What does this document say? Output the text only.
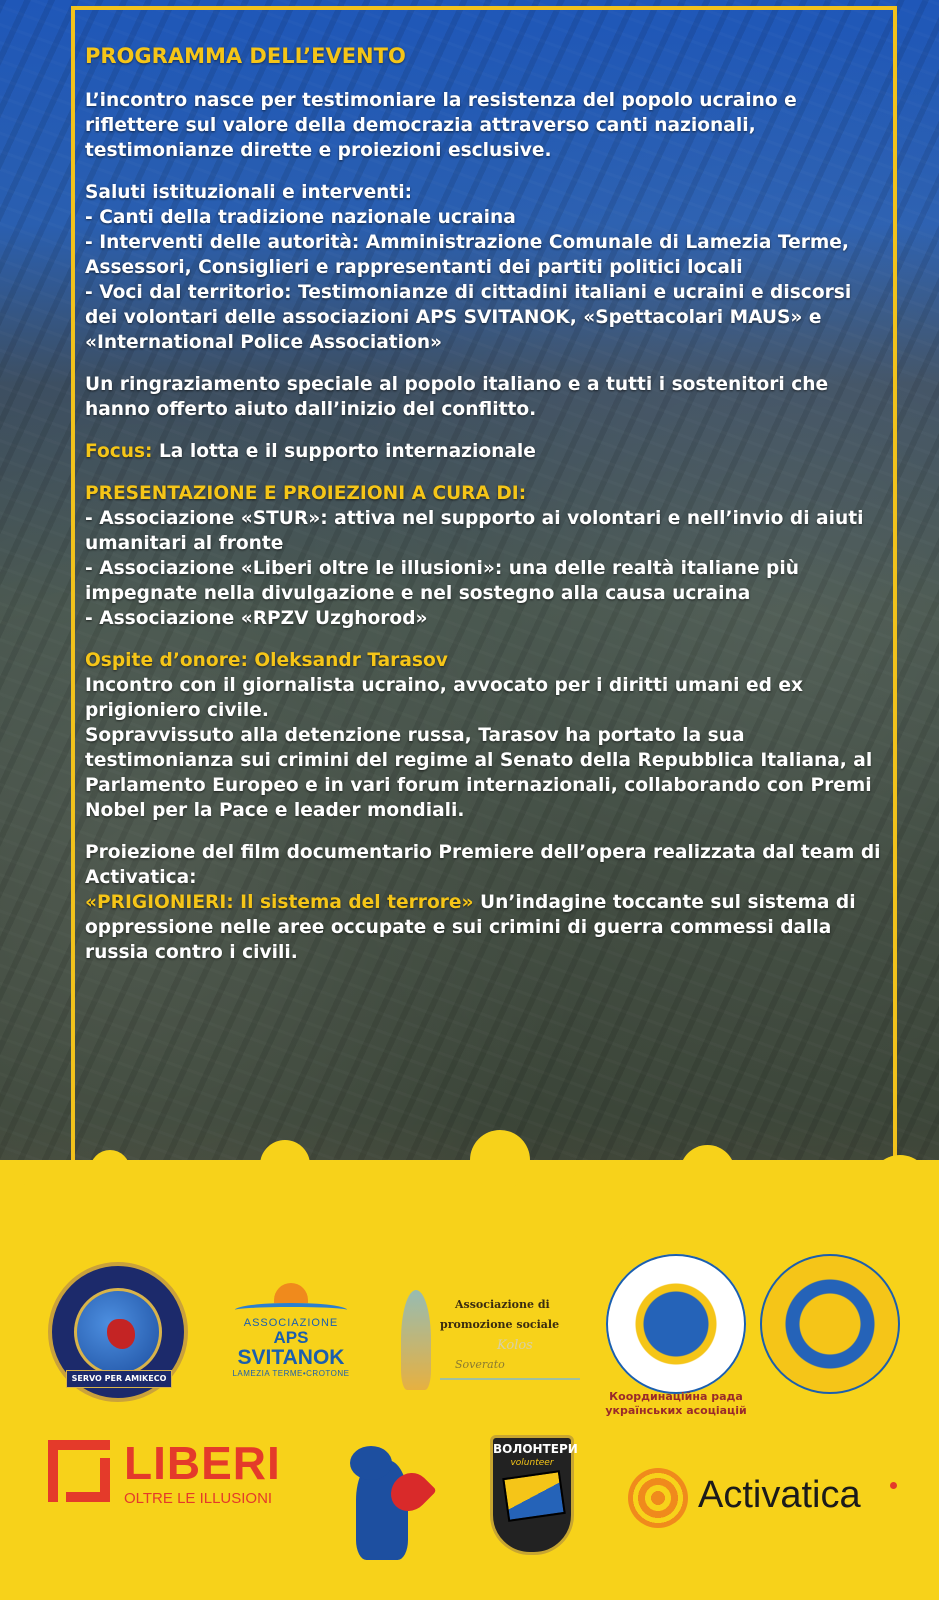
PROGRAMMA DELL’EVENTO

L’incontro nasce per testimoniare la resistenza del popolo ucraino e riflettere sul valore della democrazia attraverso canti nazionali, testimonianze dirette e proiezioni esclusive.

Saluti istituzionali e interventi:

- Canti della tradizione nazionale ucraina

- Interventi delle autorità: Amministrazione Comunale di Lamezia Terme, Assessori, Consiglieri e rappresentanti dei partiti politici locali

- Voci dal territorio: Testimonianze di cittadini italiani e ucraini e discorsi dei volontari delle associazioni APS SVITANOK, «Spettacolari MAUS» e «International Police Association»

Un ringraziamento speciale al popolo italiano e a tutti i sostenitori che hanno offerto aiuto dall’inizio del conflitto.

Focus: La lotta e il supporto internazionale

PRESENTAZIONE E PROIEZIONI A CURA DI:

- Associazione «STUR»: attiva nel supporto ai volontari e nell’invio di aiuti umanitari al fronte

- Associazione «Liberi oltre le illusioni»: una delle realtà italiane più impegnate nella divulgazione e nel sostegno alla causa ucraina

- Associazione «RPZV Uzghorod»

Ospite d’onore: Oleksandr Tarasov

Incontro con il giornalista ucraino, avvocato per i diritti umani ed ex prigioniero civile.

Sopravvissuto alla detenzione russa, Tarasov ha portato la sua testimonianza sui crimini del regime al Senato della Repubblica Italiana, al Parlamento Europeo e in vari forum internazionali, collaborando con Premi Nobel per la Pace e leader mondiali.

Proiezione del film documentario Premiere dell’opera realizzata dal team di Activatica:

«PRIGIONIERI: Il sistema del terrore» Un’indagine toccante sul sistema di oppressione nelle aree occupate e sui crimini di guerra commessi dalla russia contro i civili.

SERVO PER AMIKECO
ASSOCIAZIONE
APS
SVITANOK
LAMEZIA TERME•CROTONE
Associazione di
promozione sociale
Kolos
Soverato
Координаційна рада українських асоціацій
LIBERI
OLTRE LE ILLUSIONI
ВОЛОНТЕРИ
volunteer
Activatica
